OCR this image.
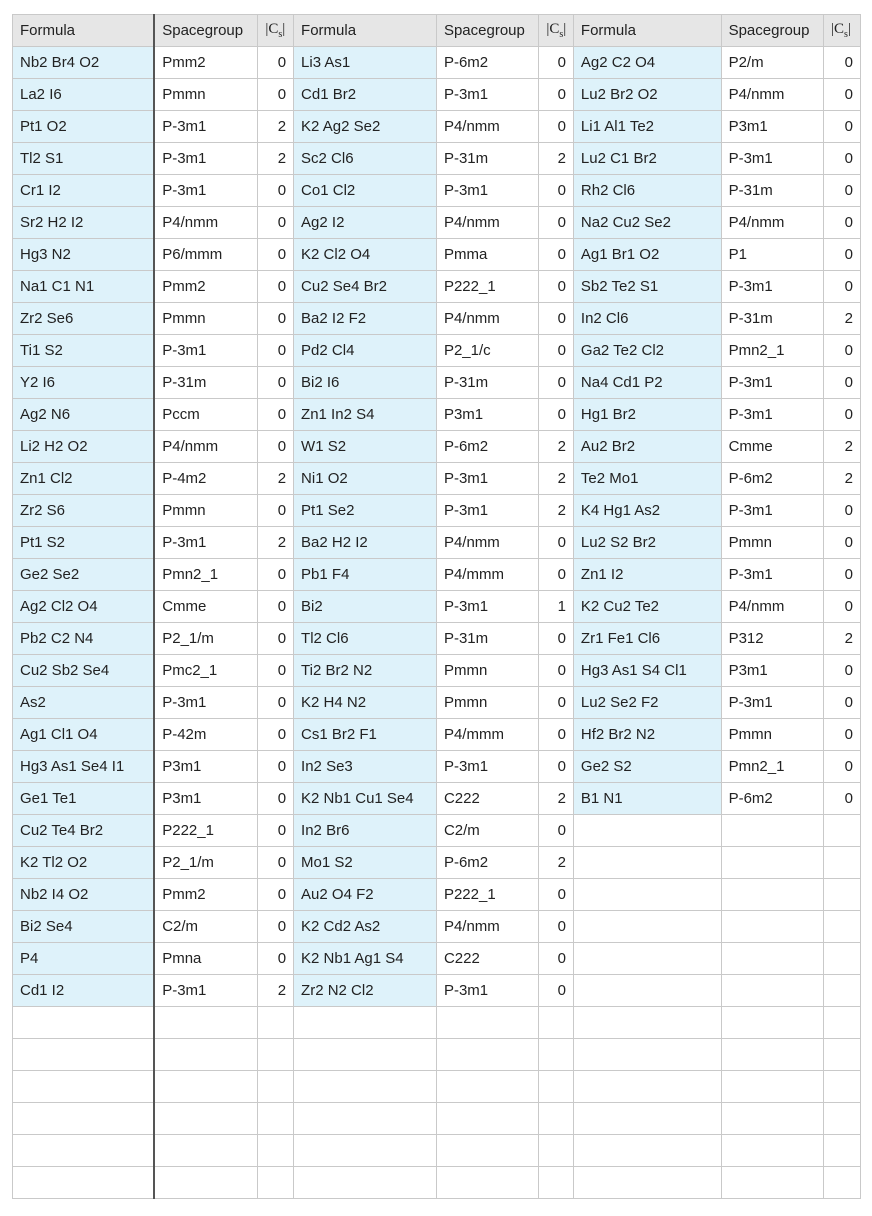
Formula	Spacegroup	$|C_s|$	Formula	Spacegroup	$|C_s|$	Formula	Spacegroup	$|C_s|$
Nb2 Br4 O2	Pmm2	0	Li3 As1	P-6m2	0	Ag2 C2 O4	P2/m	0
La2 I6	Pmmn	0	Cd1 Br2	P-3m1	0	Lu2 Br2 O2	P4/nmm	0
Pt1 O2	P-3m1	2	K2 Ag2 Se2	P4/nmm	0	Li1 Al1 Te2	P3m1	0
Tl2 S1	P-3m1	2	Sc2 Cl6	P-31m	2	Lu2 C1 Br2	P-3m1	0
Cr1 I2	P-3m1	0	Co1 Cl2	P-3m1	0	Rh2 Cl6	P-31m	0
Sr2 H2 I2	P4/nmm	0	Ag2 I2	P4/nmm	0	Na2 Cu2 Se2	P4/nmm	0
Hg3 N2	P6/mmm	0	K2 Cl2 O4	Pmma	0	Ag1 Br1 O2	P1	0
Na1 C1 N1	Pmm2	0	Cu2 Se4 Br2	P222_1	0	Sb2 Te2 S1	P-3m1	0
Zr2 Se6	Pmmn	0	Ba2 I2 F2	P4/nmm	0	In2 Cl6	P-31m	2
Ti1 S2	P-3m1	0	Pd2 Cl4	P2_1/c	0	Ga2 Te2 Cl2	Pmn2_1	0
Y2 I6	P-31m	0	Bi2 I6	P-31m	0	Na4 Cd1 P2	P-3m1	0
Ag2 N6	Pccm	0	Zn1 In2 S4	P3m1	0	Hg1 Br2	P-3m1	0
Li2 H2 O2	P4/nmm	0	W1 S2	P-6m2	2	Au2 Br2	Cmme	2
Zn1 Cl2	P-4m2	2	Ni1 O2	P-3m1	2	Te2 Mo1	P-6m2	2
Zr2 S6	Pmmn	0	Pt1 Se2	P-3m1	2	K4 Hg1 As2	P-3m1	0
Pt1 S2	P-3m1	2	Ba2 H2 I2	P4/nmm	0	Lu2 S2 Br2	Pmmn	0
Ge2 Se2	Pmn2_1	0	Pb1 F4	P4/mmm	0	Zn1 I2	P-3m1	0
Ag2 Cl2 O4	Cmme	0	Bi2	P-3m1	1	K2 Cu2 Te2	P4/nmm	0
Pb2 C2 N4	P2_1/m	0	Tl2 Cl6	P-31m	0	Zr1 Fe1 Cl6	P312	2
Cu2 Sb2 Se4	Pmc2_1	0	Ti2 Br2 N2	Pmmn	0	Hg3 As1 S4 Cl1	P3m1	0
As2	P-3m1	0	K2 H4 N2	Pmmn	0	Lu2 Se2 F2	P-3m1	0
Ag1 Cl1 O4	P-42m	0	Cs1 Br2 F1	P4/mmm	0	Hf2 Br2 N2	Pmmn	0
Hg3 As1 Se4 I1	P3m1	0	In2 Se3	P-3m1	0	Ge2 S2	Pmn2_1	0
Ge1 Te1	P3m1	0	K2 Nb1 Cu1 Se4	C222	2	B1 N1	P-6m2	0
Cu2 Te4 Br2	P222_1	0	In2 Br6	C2/m	0			
K2 Tl2 O2	P2_1/m	0	Mo1 S2	P-6m2	2			
Nb2 I4 O2	Pmm2	0	Au2 O4 F2	P222_1	0			
Bi2 Se4	C2/m	0	K2 Cd2 As2	P4/nmm	0			
P4	Pmna	0	K2 Nb1 Ag1 S4	C222	0			
Cd1 I2	P-3m1	2	Zr2 N2 Cl2	P-3m1	0			
